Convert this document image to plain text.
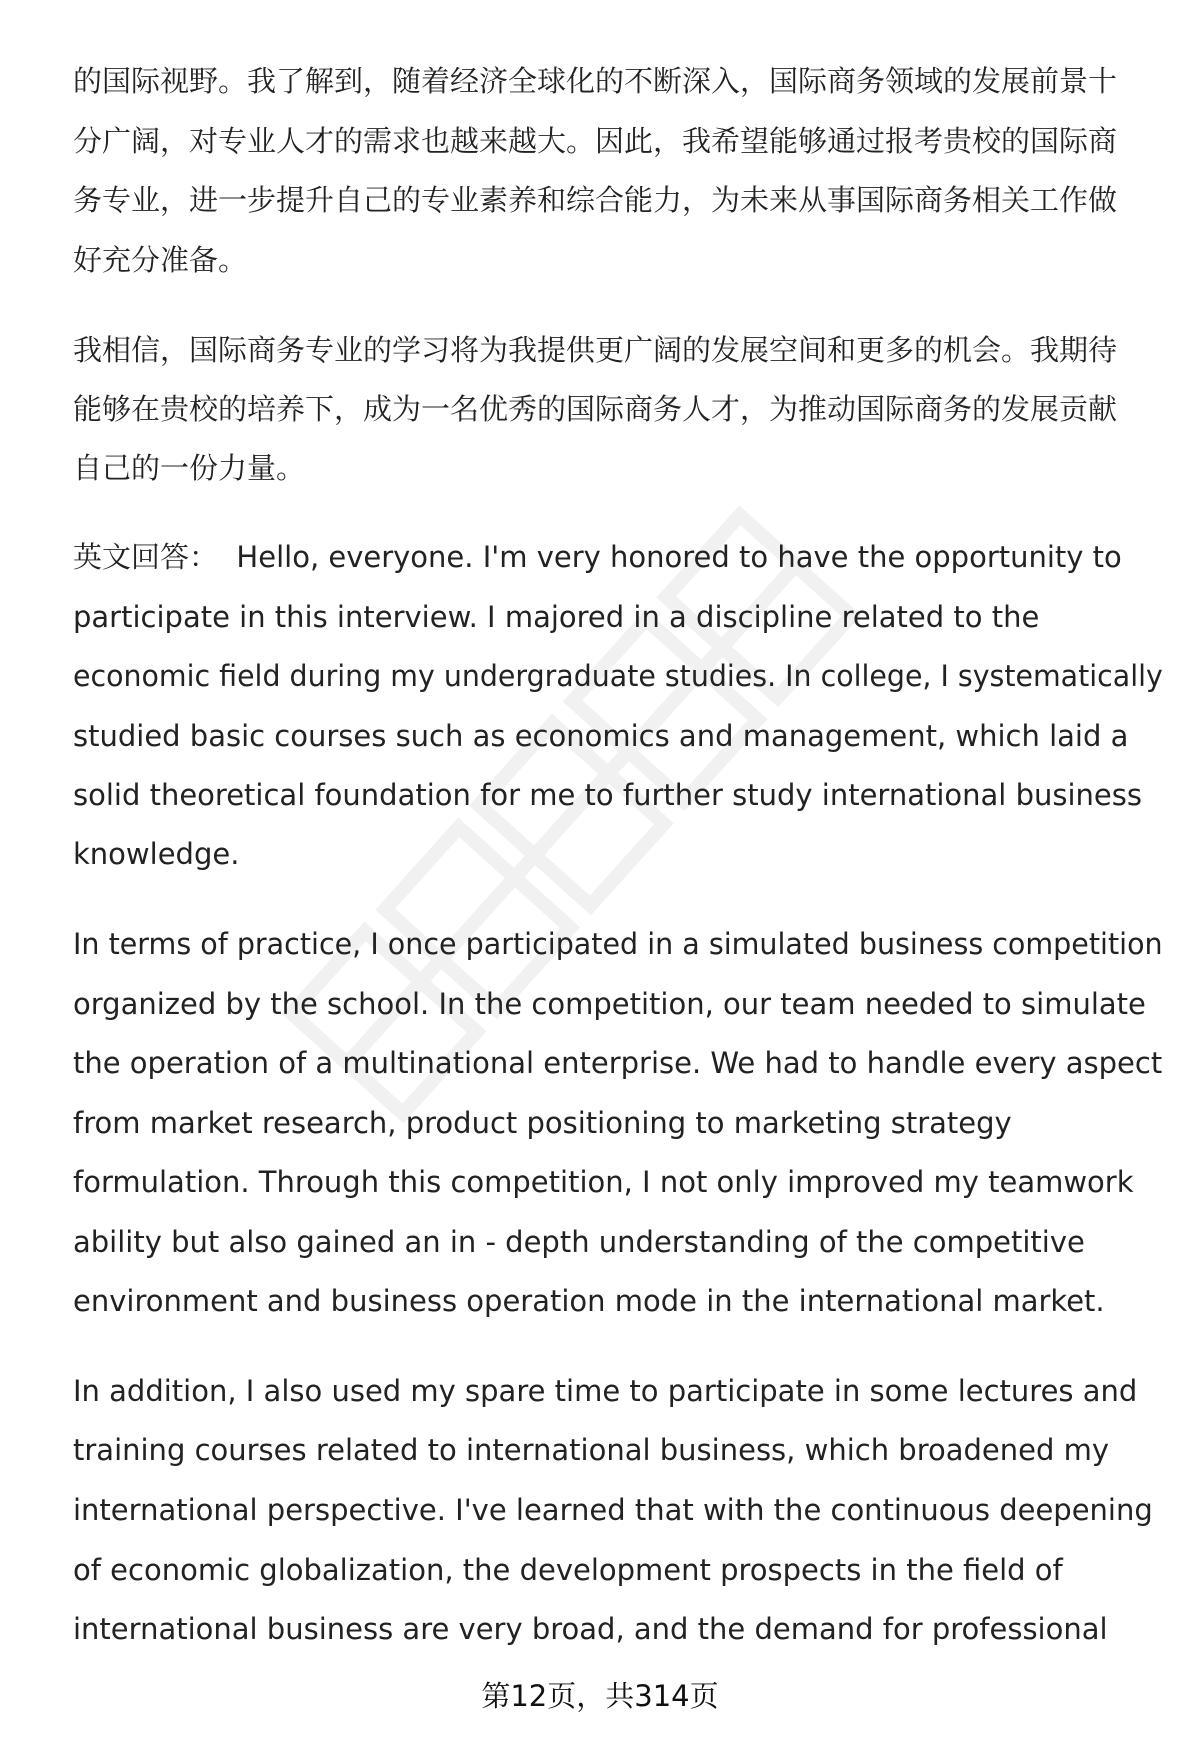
的国际视野。我了解到，随着经济全球化的不断深入，国际商务领域的发展前景十
分广阔，对专业人才的需求也越来越大。因此，我希望能够通过报考贵校的国际商
务专业，进一步提升自己的专业素养和综合能力，为未来从事国际商务相关工作做
好充分准备。
我相信，国际商务专业的学习将为我提供更广阔的发展空间和更多的机会。我期待
能够在贵校的培养下，成为一名优秀的国际商务人才，为推动国际商务的发展贡献
自己的一份力量。
英文回答：  Hello, everyone. I'm very honored to have the opportunity to
participate in this interview. I majored in a discipline related to the
economic field during my undergraduate studies. In college, I systematically
studied basic courses such as economics and management, which laid a
solid theoretical foundation for me to further study international business
knowledge.
In terms of practice, I once participated in a simulated business competition
organized by the school. In the competition, our team needed to simulate
the operation of a multinational enterprise. We had to handle every aspect
from market research, product positioning to marketing strategy
formulation. Through this competition, I not only improved my teamwork
ability but also gained an in - depth understanding of the competitive
environment and business operation mode in the international market.
In addition, I also used my spare time to participate in some lectures and
training courses related to international business, which broadened my
international perspective. I've learned that with the continuous deepening
of economic globalization, the development prospects in the field of
international business are very broad, and the demand for professional
第12页，共314页
